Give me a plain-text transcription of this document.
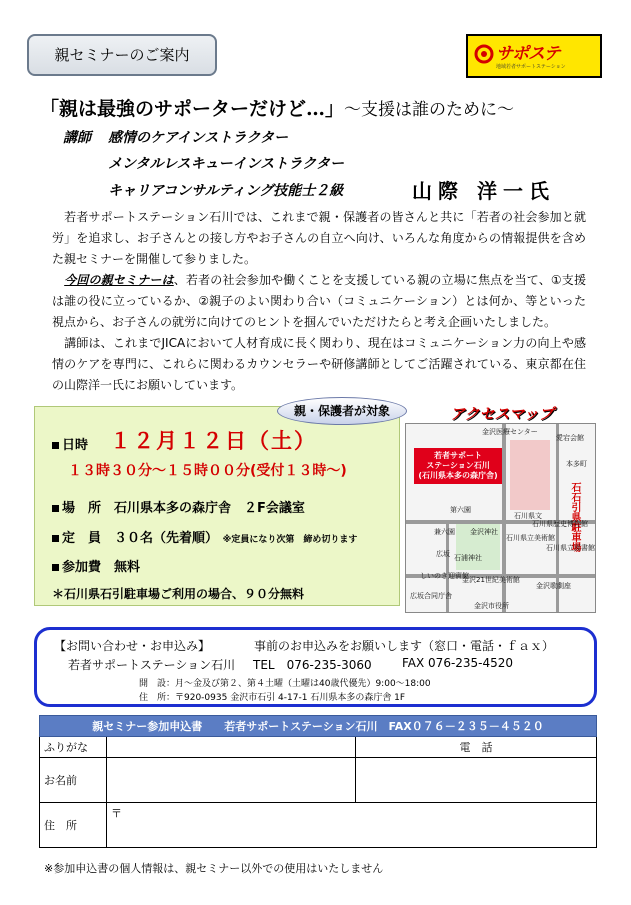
親セミナーのご案内	サポステ
地域若者サポートステーション
「親は最強のサポーターだけど…」～支援は誰のために～
講師 感情のケアインストラクター
メンタルレスキューインストラクター
キャリアコンサルティング技能士２級	山際 洋一氏
　若者サポートステーション石川では、これまで親・保護者の皆さんと共に「若者の社会参加と就労」を追求し、お子さんとの接し方やお子さんの自立へ向け、いろんな角度からの情報提供を含めた親セミナーを開催して参りました。
　今回の親セミナーは、若者の社会参加や働くことを支援している親の立場に焦点を当て、①支援は誰の役に立っているか、②親子のよい関わり合い（コミュニケーション）とは何か、等といった視点から、お子さんの就労に向けてのヒントを掴んでいただけたらと考え企画いたしました。
　講師は、これまでJICAにおいて人材育成に長く関わり、現在はコミュニケーション力の向上や感情のケアを専門に、これらに関わるカウンセラーや研修講師としてご活躍されている、東京都在住の山際洋一氏にお願いしています。
親・保護者が対象
日時 １２月１２日（土）
１３時３０分～１５時００分(受付１３時～)
場　所　 石川県本多の森庁舎　２F会議室
定　員　 ３０名（先着順） ※定員になり次第　締め切ります
参加費　 無料
＊石川県石引駐車場ご利用の場合、９０分無料
アクセスマップ
若者サポート
ステーション石川
(石川県本多の森庁舎)
石石引県駐車場
金沢医療センター
兼六園
第六園
石川県文
金沢神社
石川県立美術館
石川県歴史博物館
石川県立図書館
広坂
金沢21世紀美術館
金沢市役所
しいのき迎賓館
金沢歌劇座
愛宕会館
石浦神社
広坂合同庁舎
本多町
【お問い合わせ・お申込み】	事前のお申込みをお願いします（窓口・電話・ｆａｘ）
若者サポートステーション石川 TEL　076-235-3060	FAX 076-235-4520
開　設：月～金及び第２、第４土曜（土曜は40歳代優先）9:00～18:00
住　所：〒920-0935 金沢市石引 4-17-1 石川県本多の森庁舎 1F
親セミナー参加申込書　　若者サポートステーション石川　FAX０７６－２３５－４５２０		
ふりがな		電　話
お名前		
住　所	〒	
※参加申込書の個人情報は、親セミナー以外での使用はいたしません
